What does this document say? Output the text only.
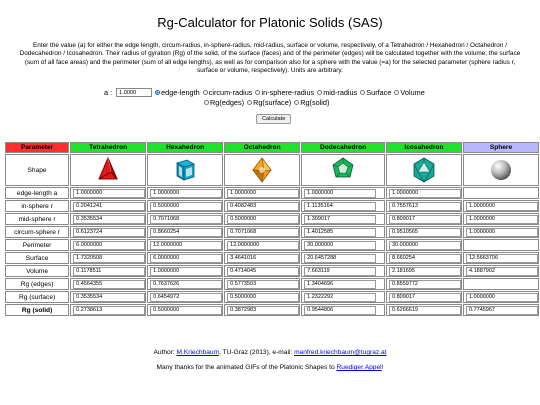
Rg-Calculator for Platonic Solids (SAS)
Enter the value (a) for either the edge length, circum-radius, in-sphere-radius, mid-radius, surface or volume, respectively, of a Tetrahedron / Hexahedron / Octahedron / Dodecahedron / Icosahedron. Their radius of gyration (Rg) of the solid, of the surface (faces) and of the perimeter (edges) will be calculated together with the volume, the surface (sum of all face areas) and the perimeter (sum of all edge lengths), as well as for comparison also for a sphere with the value (=a) for the selected parameter (sphere radius r, surface or volume, respectively). Units are arbitrary.
a :
1.0000	edge-length circum-radius in-sphere-radius mid-radius Surface Volume
Rg(edges) Rg(surface) Rg(solid)
Calculate
Parameter	Tetrahedron	Hexahedron	Octahedron	Dodecahedron	Icosahedron	Sphere
Shape	

edge-length a	1.0000000	1.0000000	1.0000000	1.0000000	1.0000000	
in-sphere r	0.2041241	0.5000000	0.4082483	1.1135164	0.7557613	1.0000000
mid-sphere r	0.3535534	0.7071068	0.5000000	1.309017	0.809017	1.0000000
circum-sphere r	0.6123724	0.8660254	0.7071068	1.4012585	0.9510565	1.0000000
Perimeter	6.0000000	12.0000000	12.0000000	30.000000	30.000000	
Surface	1.7320508	6.0000000	3.4641016	20.6457288	8.660254	12.5663706
Volume	0.1178511	1.0000000	0.4714045	7.663119	2.181695	4.1887902
Rg (edges)	0.4564355	0.7637626	0.5773503	1.3404696	0.8559772	
Rg (surface)	0.3535534	0.6454972	0.5000000	1.2322292	0.809017	1.0000000
Rg (solid)	0.2738613	0.5000000	0.3872983	0.9544806	0.6266619	0.7745967
Author: M.Kriechbaum, TU-Graz (2013), e-mail: manfred.kriechbaum@tugraz.at
Many thanks for the animated GIFs of the Platonic Shapes to Ruediger Appel!
